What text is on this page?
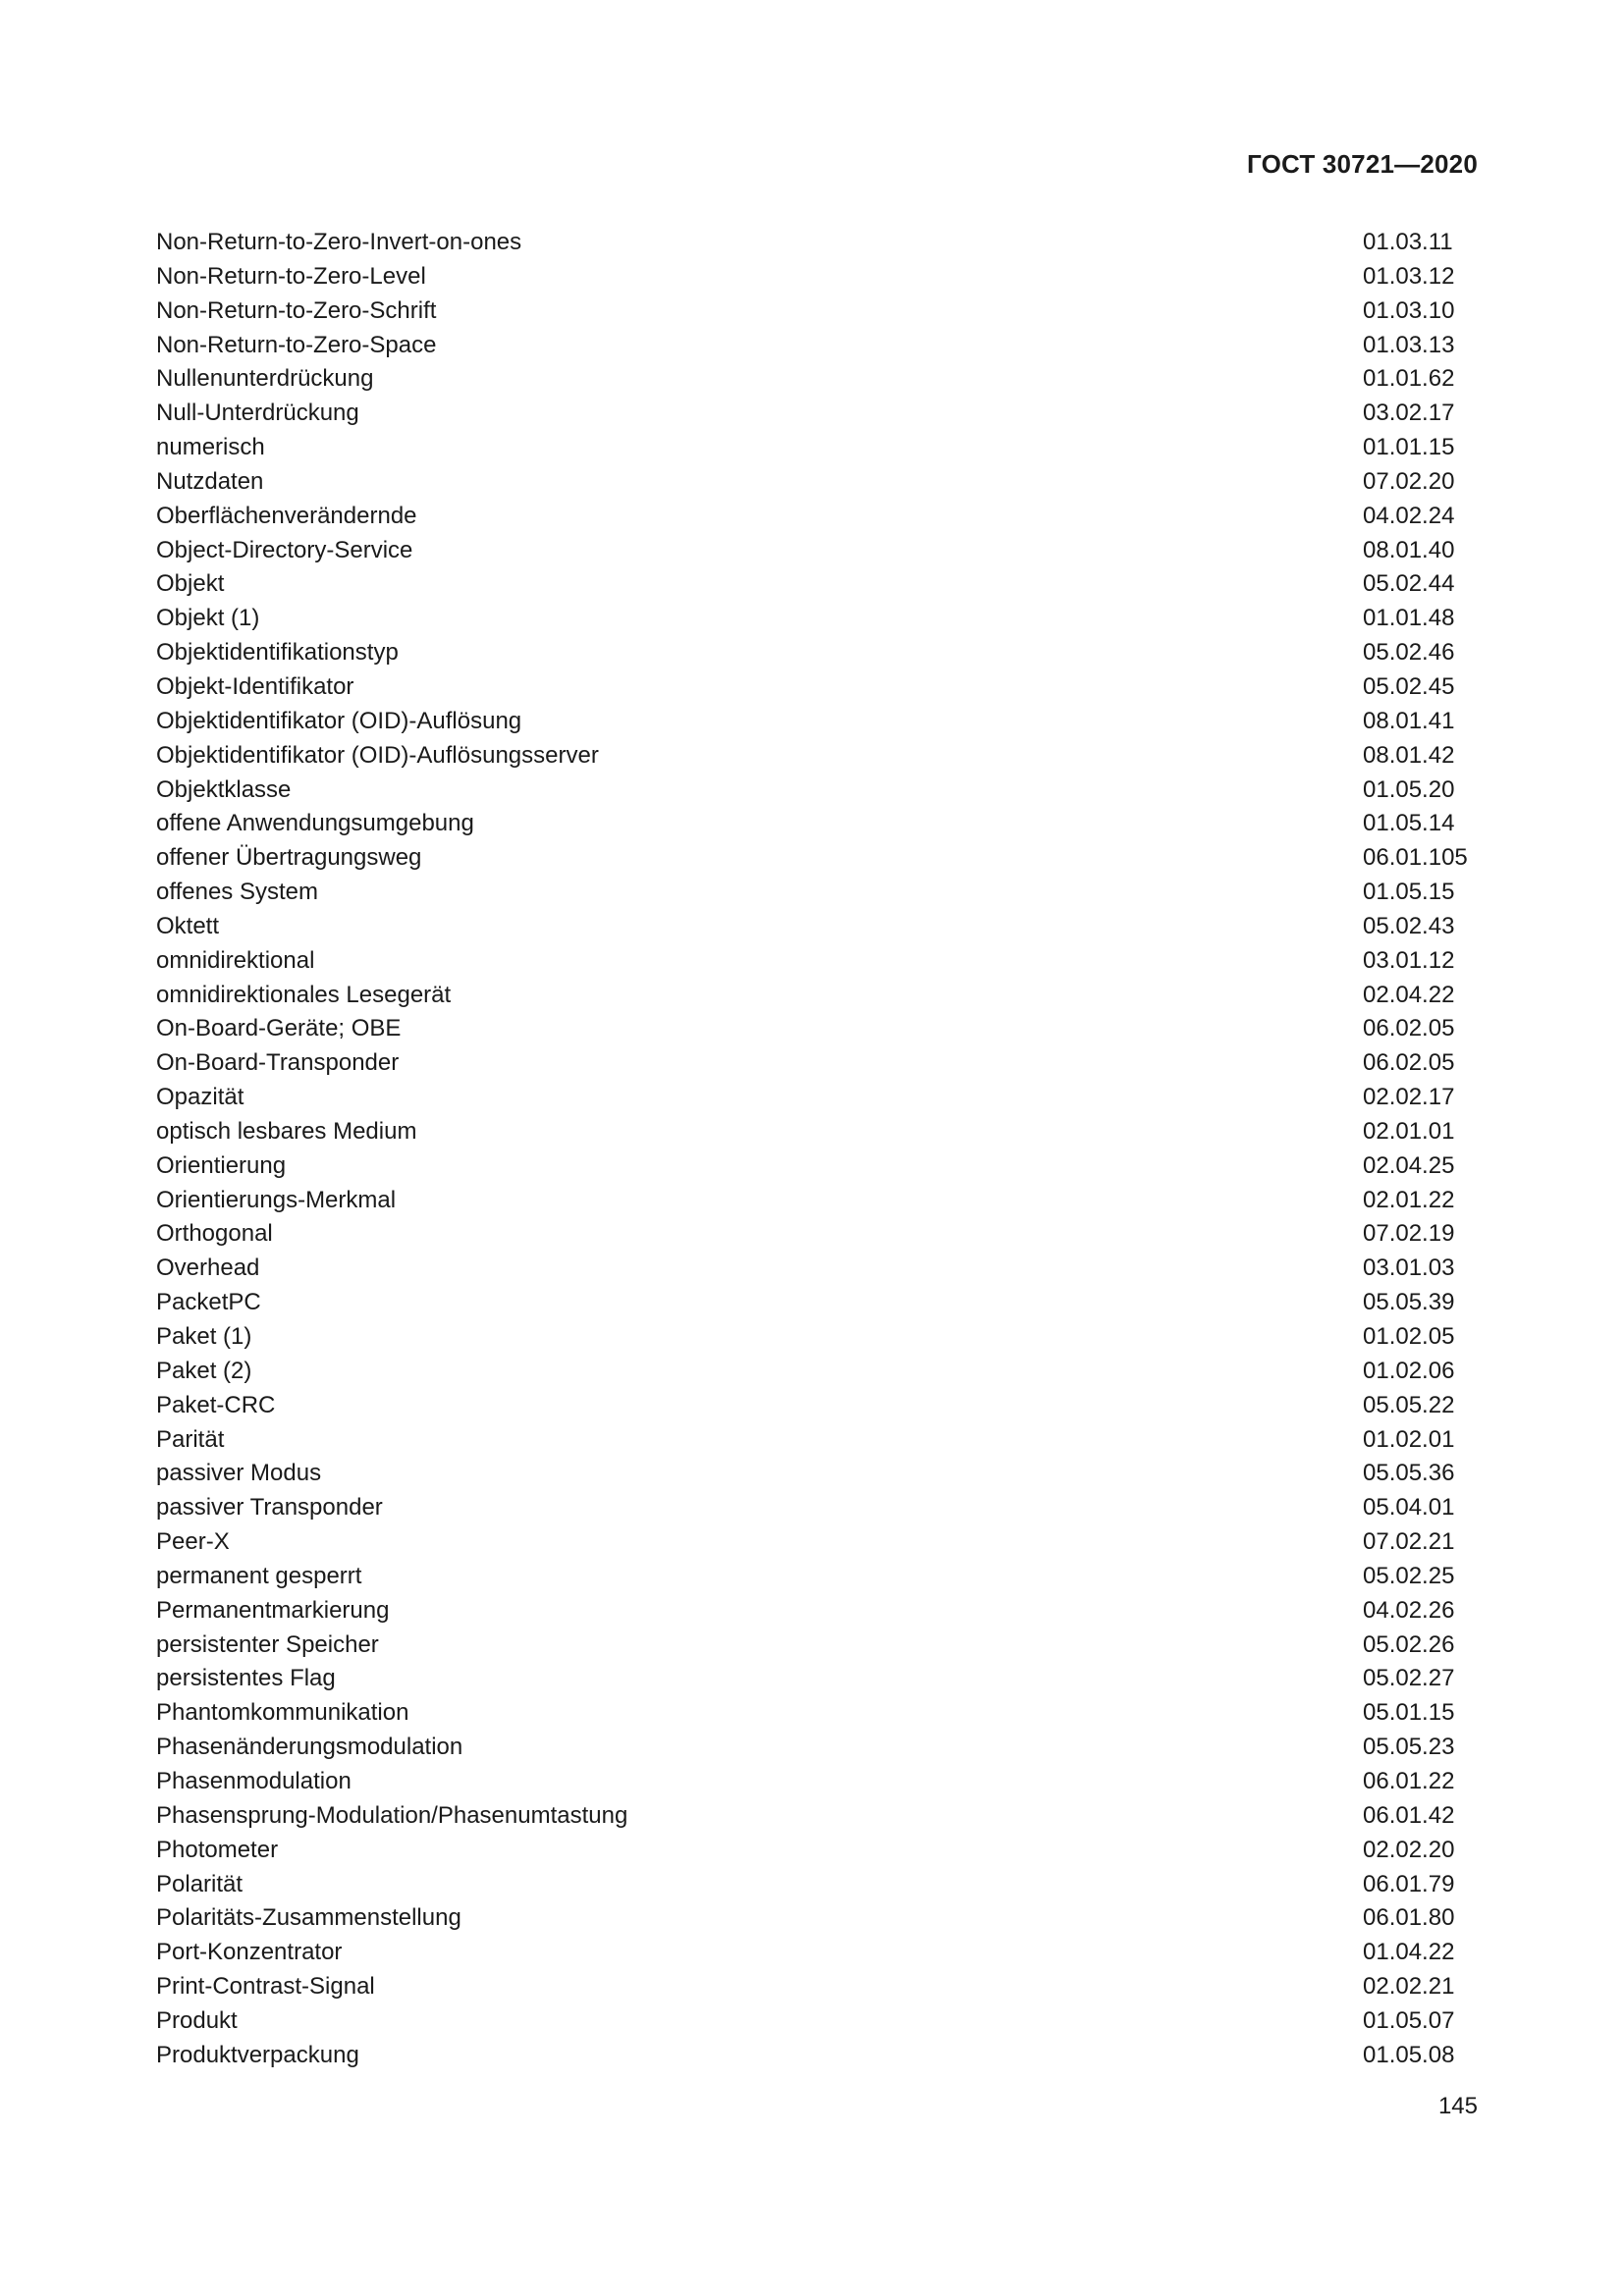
ГОСТ 30721—2020
Non-Return-to-Zero-Invert-on-ones	01.03.11
Non-Return-to-Zero-Level	01.03.12
Non-Return-to-Zero-Schrift	01.03.10
Non-Return-to-Zero-Space	01.03.13
Nullenunterdrückung	01.01.62
Null-Unterdrückung	03.02.17
numerisch	01.01.15
Nutzdaten	07.02.20
Oberflächenverändernde	04.02.24
Object-Directory-Service	08.01.40
Objekt	05.02.44
Objekt (1)	01.01.48
Objektidentifikationstyp	05.02.46
Objekt-Identifikator	05.02.45
Objektidentifikator (OID)-Auflösung	08.01.41
Objektidentifikator (OID)-Auflösungsserver	08.01.42
Objektklasse	01.05.20
offene Anwendungsumgebung	01.05.14
offener Übertragungsweg	06.01.105
offenes System	01.05.15
Oktett	05.02.43
omnidirektional	03.01.12
omnidirektionales Lesegerät	02.04.22
On-Board-Geräte; OBE	06.02.05
On-Board-Transponder	06.02.05
Opazität	02.02.17
optisch lesbares Medium	02.01.01
Orientierung	02.04.25
Orientierungs-Merkmal	02.01.22
Orthogonal	07.02.19
Overhead	03.01.03
PacketPC	05.05.39
Paket (1)	01.02.05
Paket (2)	01.02.06
Paket-CRC	05.05.22
Parität	01.02.01
passiver Modus	05.05.36
passiver Transponder	05.04.01
Peer-X	07.02.21
permanent gesperrt	05.02.25
Permanentmarkierung	04.02.26
persistenter Speicher	05.02.26
persistentes Flag	05.02.27
Phantomkommunikation	05.01.15
Phasenänderungsmodulation	05.05.23
Phasenmodulation	06.01.22
Phasensprung-Modulation/Phasenumtastung	06.01.42
Photometer	02.02.20
Polarität	06.01.79
Polaritäts-Zusammenstellung	06.01.80
Port-Konzentrator	01.04.22
Print-Contrast-Signal	02.02.21
Produkt	01.05.07
Produktverpackung	01.05.08
145
